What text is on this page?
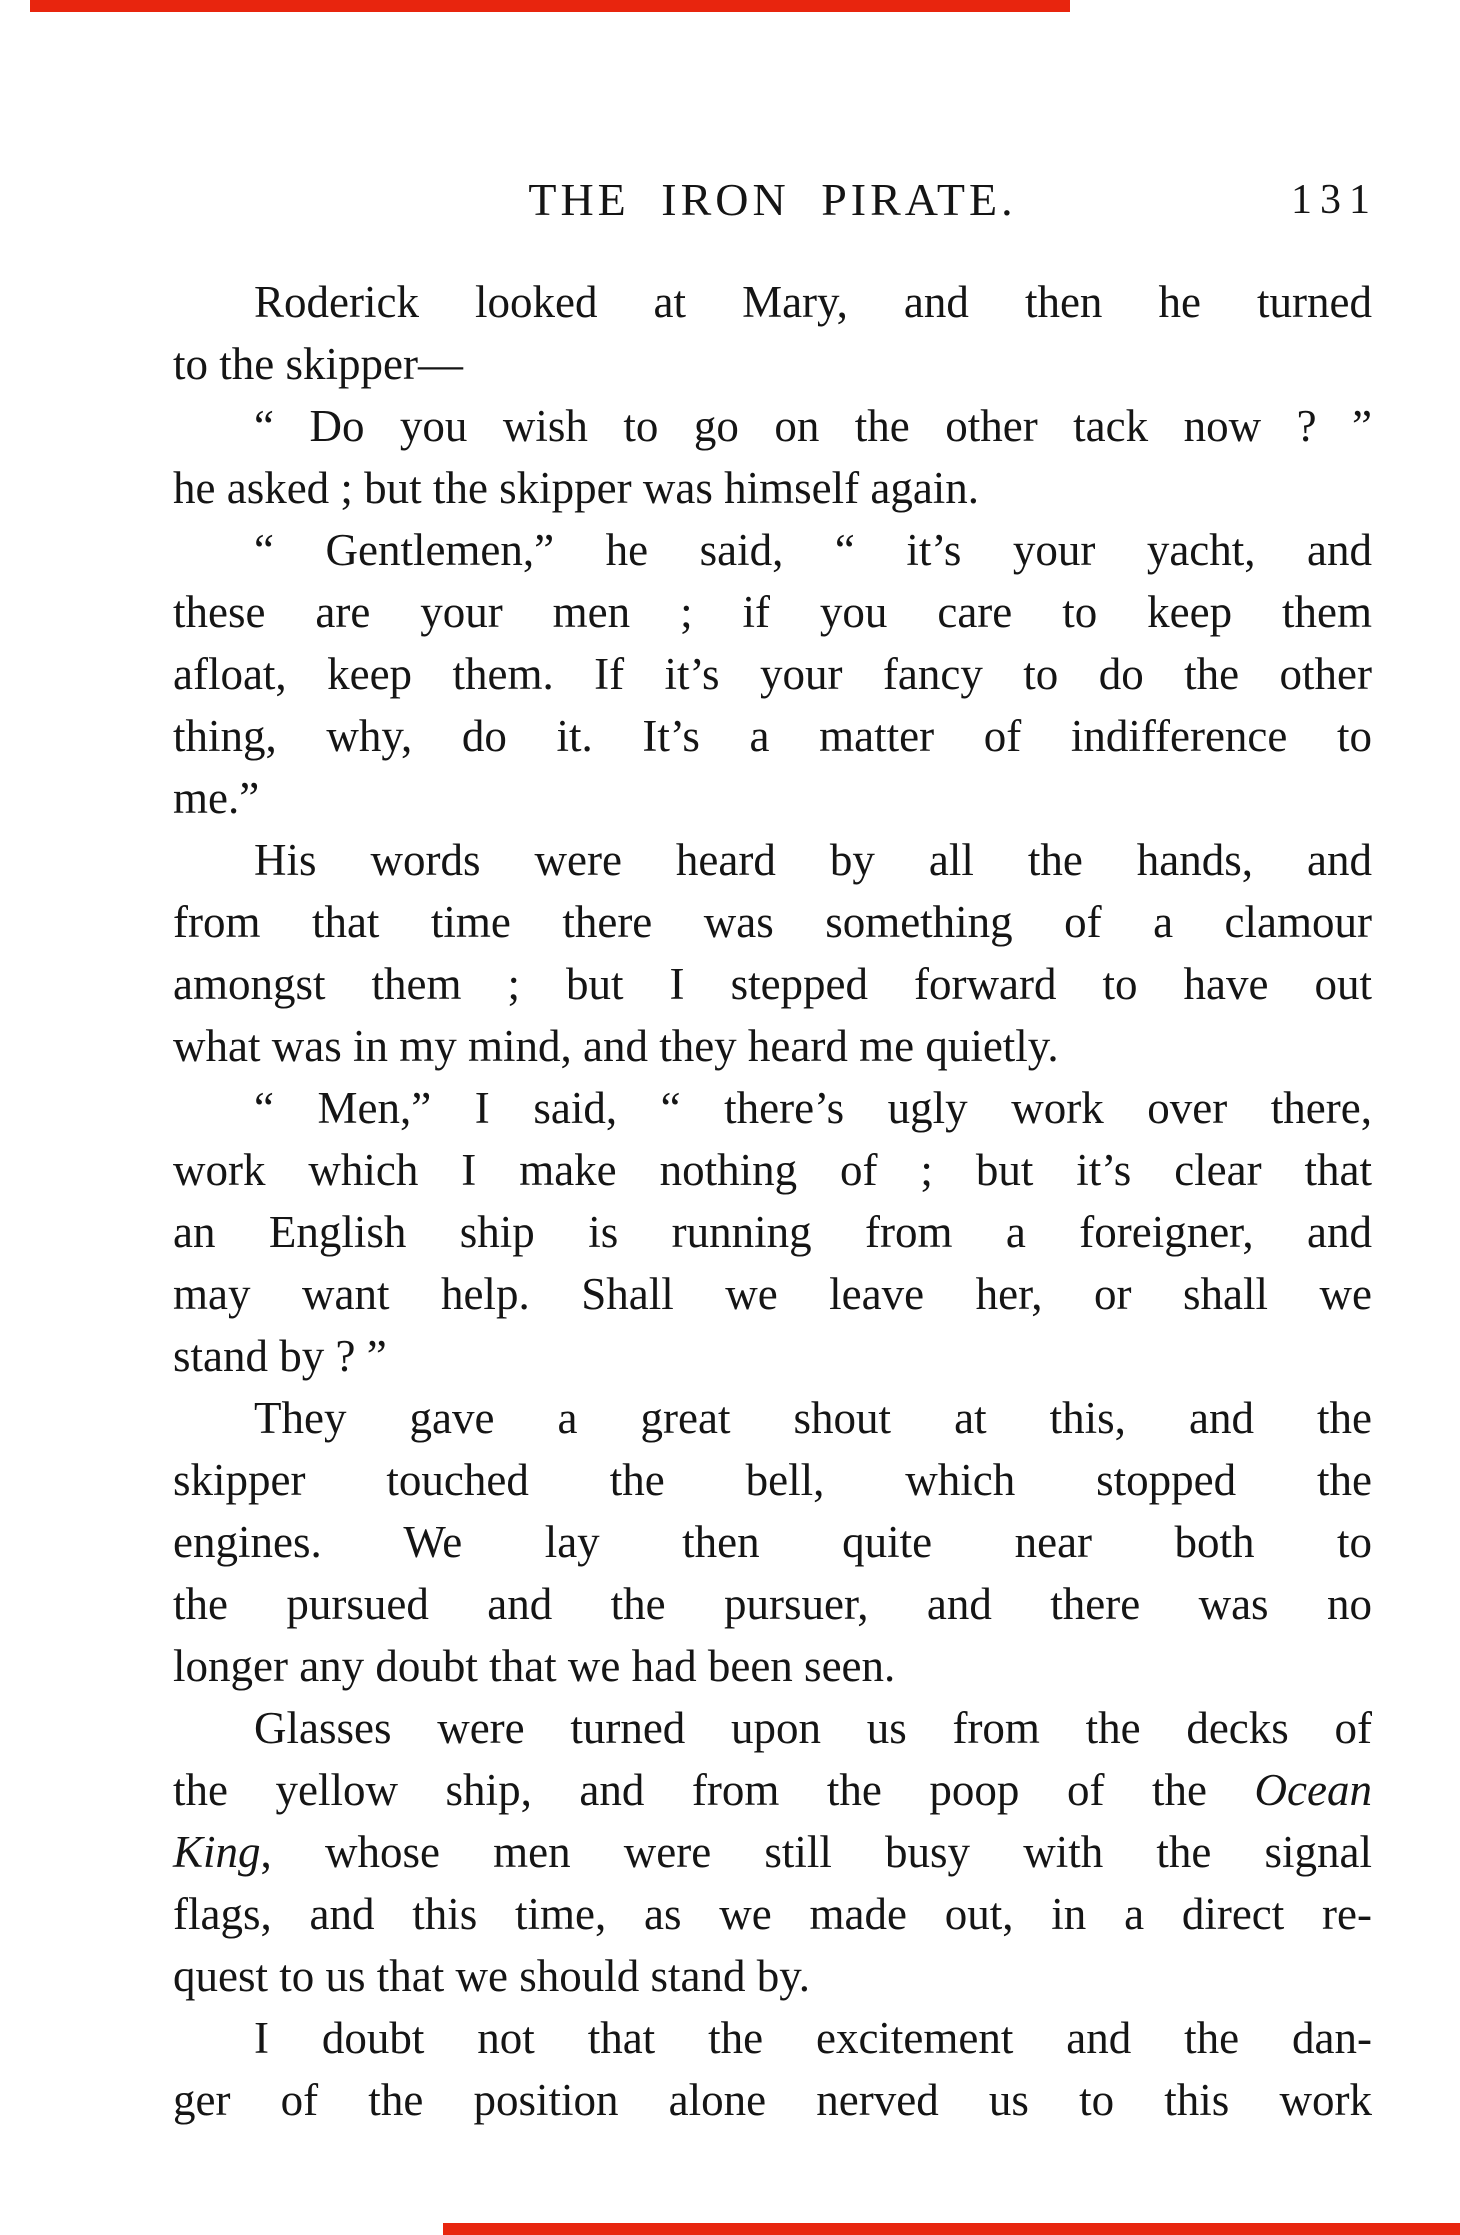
THE IRON PIRATE.	131
Roderick looked at Mary, and then he turned
to the skipper—
“ Do you wish to go on the other tack now ? ”
he asked ; but the skipper was himself again.
“ Gentlemen,” he said, “ it’s your yacht, and
these are your men ; if you care to keep them
afloat, keep them. If it’s your fancy to do the other
thing, why, do it. It’s a matter of indifference to
me.”
His words were heard by all the hands, and
from that time there was something of a clamour
amongst them ; but I stepped forward to have out
what was in my mind, and they heard me quietly.
“ Men,” I said, “ there’s ugly work over there,
work which I make nothing of ; but it’s clear that
an English ship is running from a foreigner, and
may want help. Shall we leave her, or shall we
stand by ? ”
They gave a great shout at this, and the
skipper touched the bell, which stopped the
engines. We lay then quite near both to
the pursued and the pursuer, and there was no
longer any doubt that we had been seen.
Glasses were turned upon us from the decks of
the yellow ship, and from the poop of the Ocean
King, whose men were still busy with the signal
flags, and this time, as we made out, in a direct re-
quest to us that we should stand by.
I doubt not that the excitement and the dan-
ger of the position alone nerved us to this work
